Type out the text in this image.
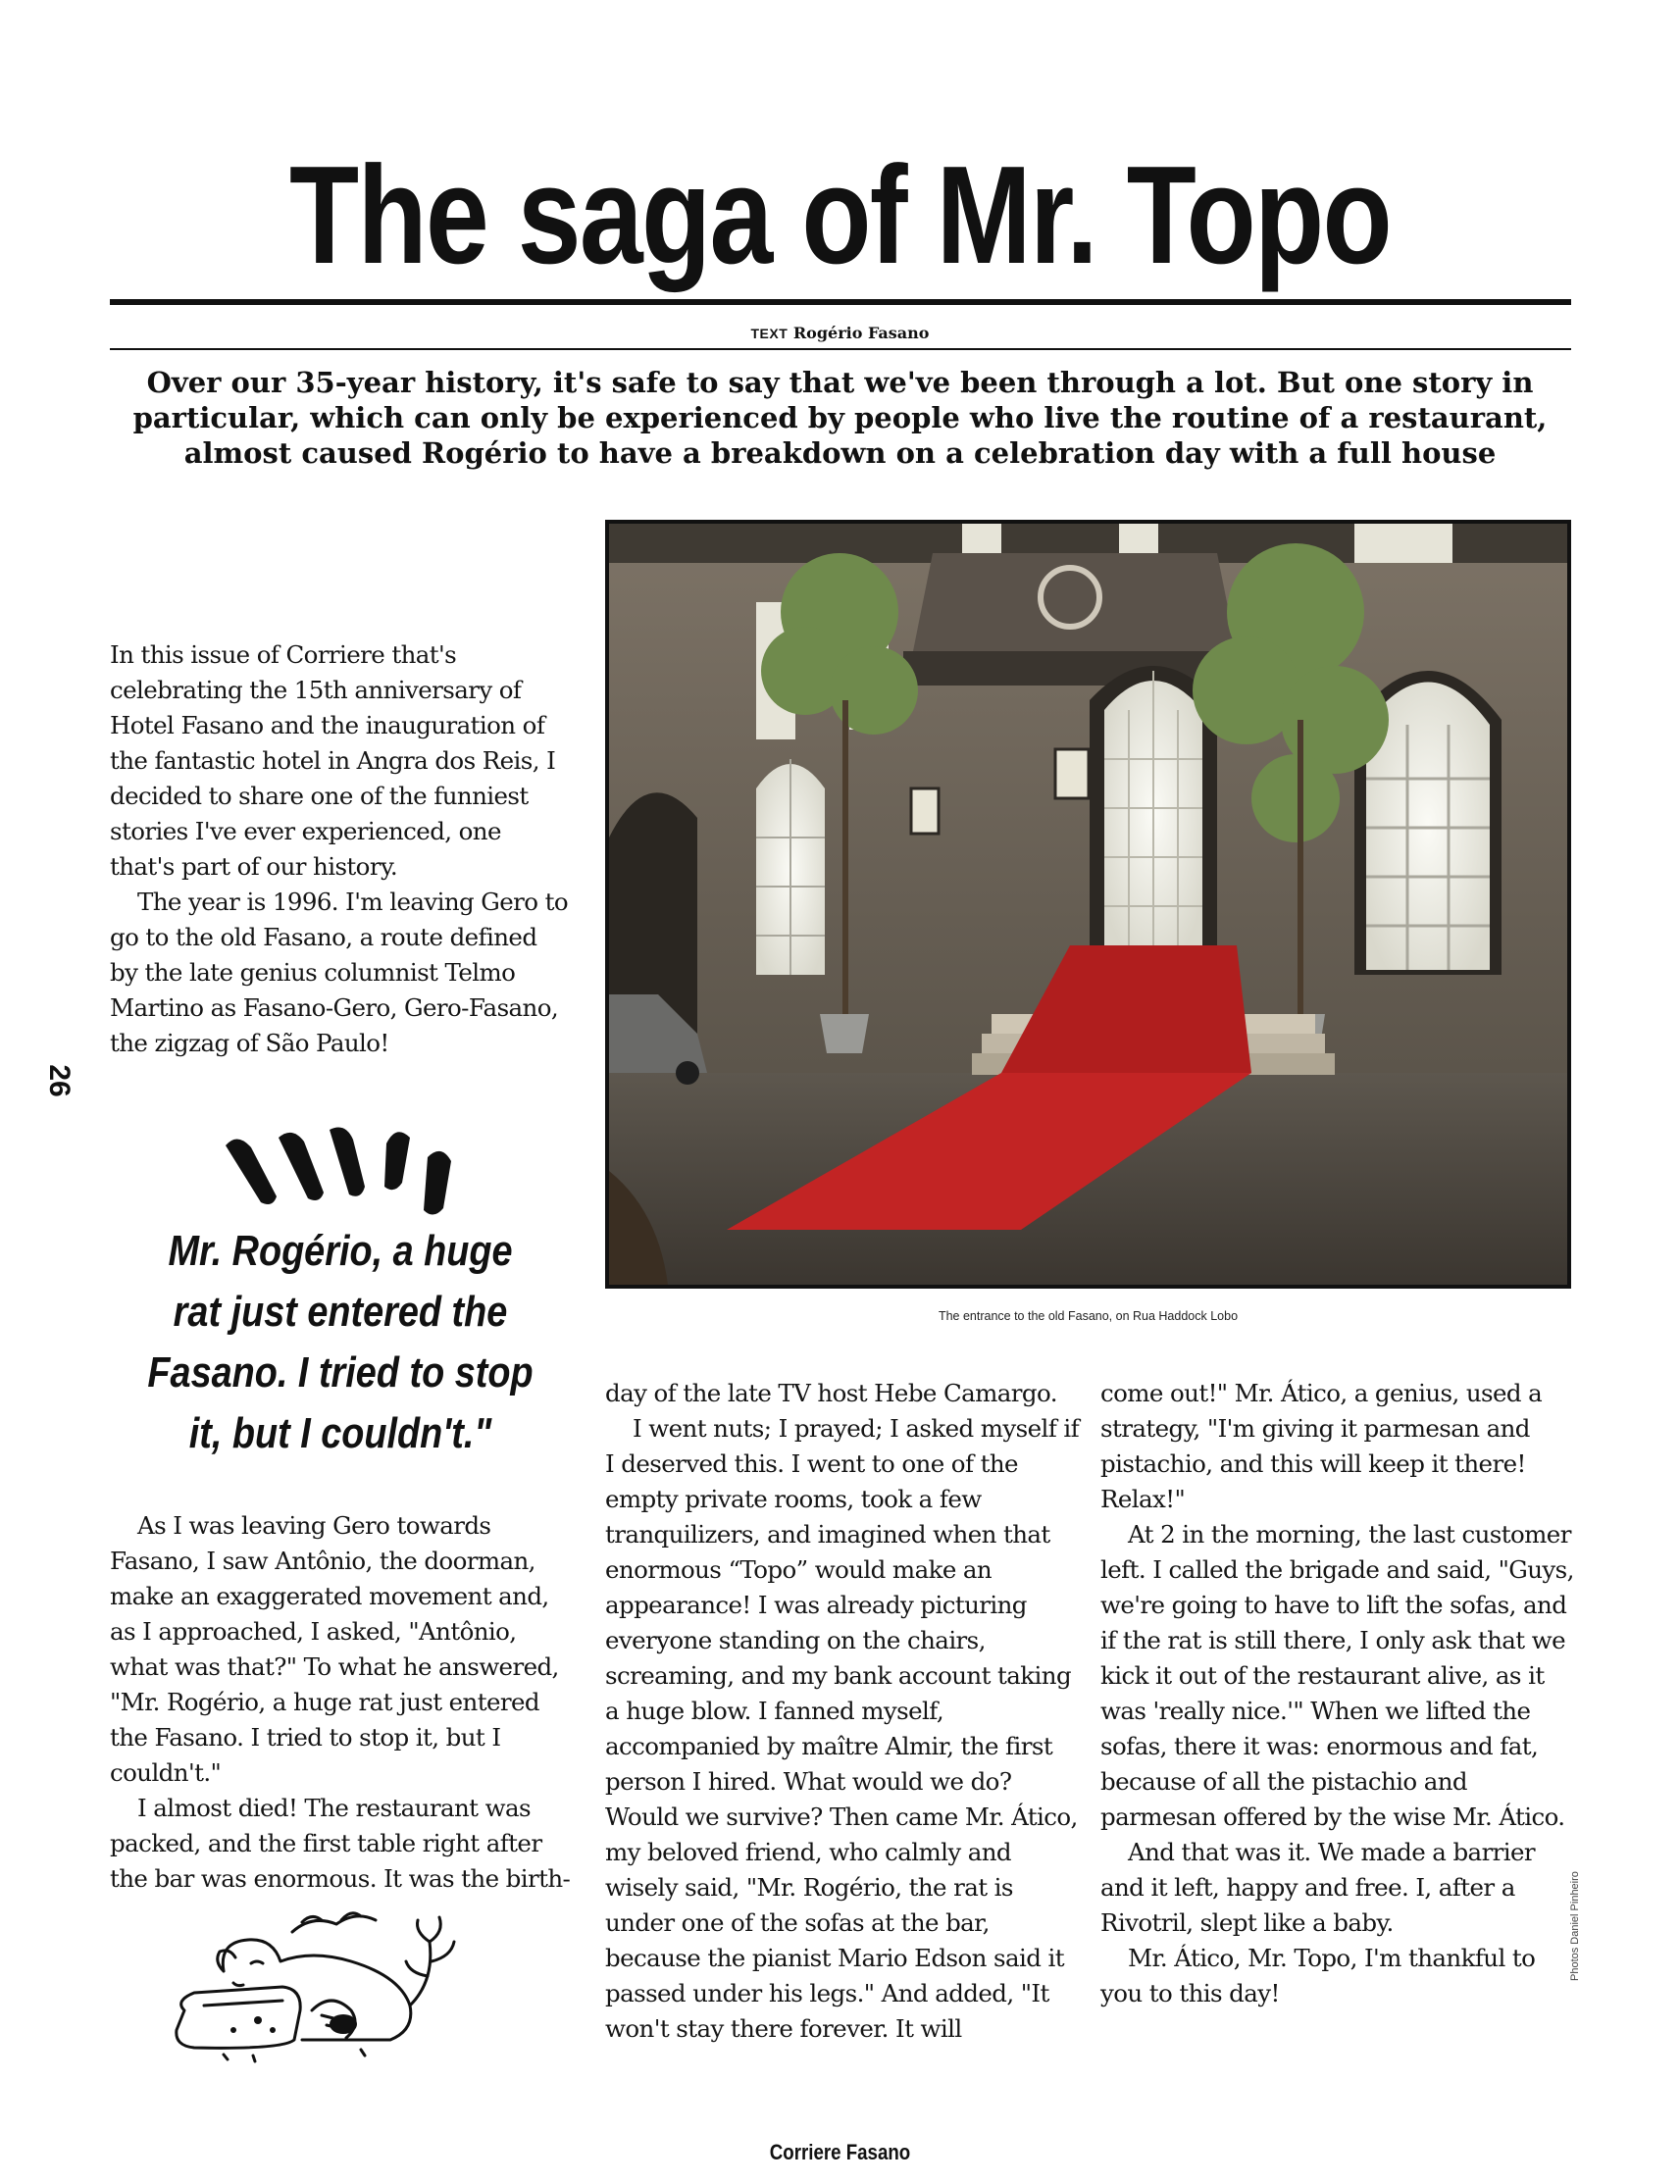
The saga of Mr. Topo
TEXT Rogério Fasano
Over our 35-year history, it's safe to say that we've been through a lot. But one story in particular, which can only be experienced by people who live the routine of a restaurant, almost caused Rogério to have a breakdown on a celebration day with a full house
26

In this issue of Corriere that's celebrating the 15th anniversary of Hotel Fasano and the inauguration of the fantastic hotel in Angra dos Reis, I decided to share one of the funniest stories I've ever experienced, one that's part of our history.

The year is 1996. I'm leaving Gero to go to the old Fasano, a route defined by the late genius columnist Telmo Martino as Fasano-Gero, Gero-Fasano, the zigzag of São Paulo!

Mr. Rogério, a huge rat just entered the Fasano. I tried to stop it, but I couldn't."

As I was leaving Gero towards Fasano, I saw Antônio, the doorman, make an exaggerated movement and, as I approached, I asked, "Antônio, what was that?" To what he answered, "Mr. Rogério, a huge rat just entered the Fasano. I tried to stop it, but I couldn't."

I almost died! The restaurant was packed, and the first table right after the bar was enormous. It was the birth-

The entrance to the old Fasano, on Rua Haddock Lobo

day of the late TV host Hebe Camargo.

I went nuts; I prayed; I asked myself if I deserved this. I went to one of the empty private rooms, took a few tranquilizers, and imagined when that enormous “Topo” would make an appearance! I was already picturing everyone standing on the chairs, screaming, and my bank account taking a huge blow. I fanned myself, accompanied by maître Almir, the first person I hired. What would we do? Would we survive? Then came Mr. Ático, my beloved friend, who calmly and wisely said, "Mr. Rogério, the rat is under one of the sofas at the bar, because the pianist Mario Edson said it passed under his legs." And added, "It won't stay there forever. It will

come out!" Mr. Ático, a genius, used a strategy, "I'm giving it parmesan and pistachio, and this will keep it there! Relax!"

At 2 in the morning, the last customer left. I called the brigade and said, "Guys, we're going to have to lift the sofas, and if the rat is still there, I only ask that we kick it out of the restaurant alive, as it was 'really nice.'" When we lifted the sofas, there it was: enormous and fat, because of all the pistachio and parmesan offered by the wise Mr. Ático.

And that was it. We made a barrier and it left, happy and free. I, after a Rivotril, slept like a baby.

Mr. Ático, Mr. Topo, I'm thankful to you to this day!

Photos Daniel Pinheiro
Corriere Fasano
